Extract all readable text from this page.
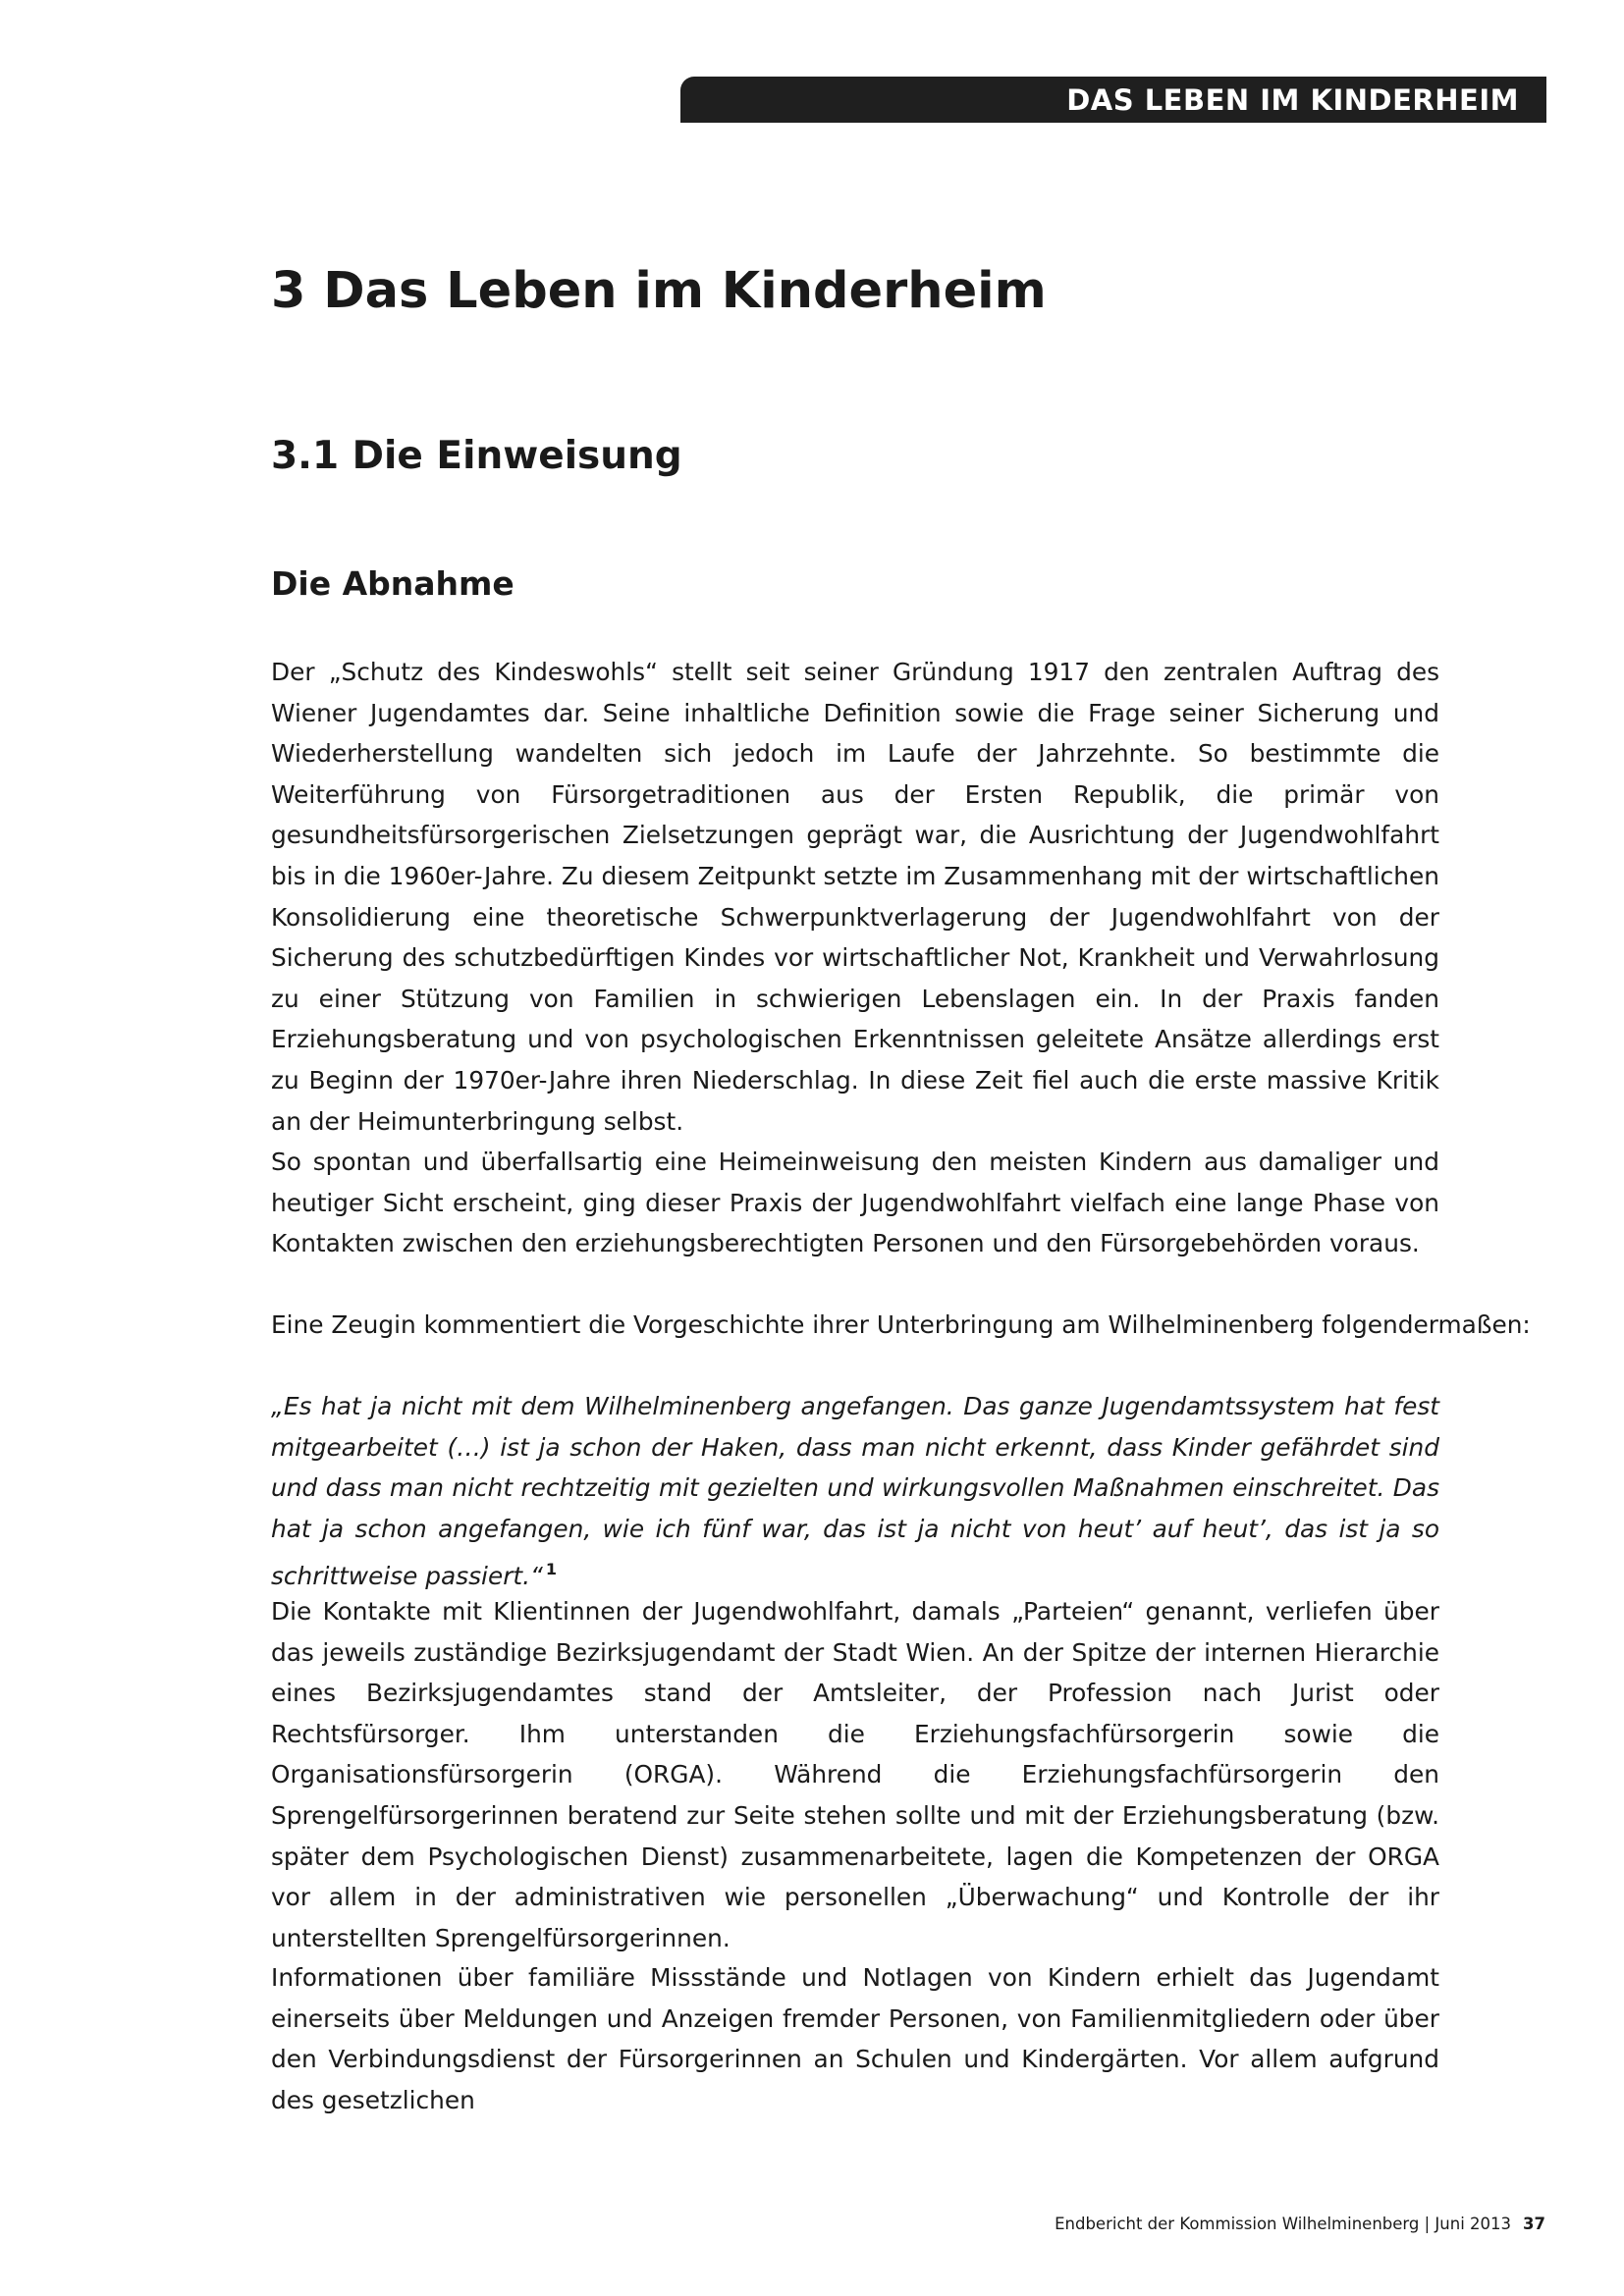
DAS LEBEN IM KINDERHEIM
3 Das Leben im Kinderheim
3.1 Die Einweisung
Die Abnahme

Der „Schutz des Kindeswohls“ stellt seit seiner Gründung 1917 den zentralen Auftrag des Wiener Jugendamtes dar. Seine inhaltliche Definition sowie die Frage seiner Sicherung und Wiederherstellung wandelten sich jedoch im Laufe der Jahrzehnte. So bestimmte die Weiterführung von Fürsorgetraditionen aus der Ersten Republik, die primär von gesundheitsfürsorgerischen Zielsetzungen geprägt war, die Ausrichtung der Jugendwohlfahrt bis in die 1960er-Jahre. Zu diesem Zeitpunkt setzte im Zusammenhang mit der wirtschaftlichen Konsolidierung eine theoretische Schwerpunktverlagerung der Jugendwohlfahrt von der Sicherung des schutzbedürftigen Kindes vor wirtschaftlicher Not, Krankheit und Verwahrlosung zu einer Stützung von Familien in schwierigen Lebenslagen ein. In der Praxis fanden Erziehungsberatung und von psychologischen Erkenntnissen geleitete Ansätze allerdings erst zu Beginn der 1970er-Jahre ihren Niederschlag. In diese Zeit fiel auch die erste massive Kritik an der Heimunterbringung selbst.

So spontan und überfallsartig eine Heimeinweisung den meisten Kindern aus damaliger und heutiger Sicht erscheint, ging dieser Praxis der Jugendwohlfahrt vielfach eine lange Phase von Kontakten zwischen den erziehungsberechtigten Personen und den Fürsorgebehörden voraus.

Eine Zeugin kommentiert die Vorgeschichte ihrer Unterbringung am Wilhelminenberg folgendermaßen:

„Es hat ja nicht mit dem Wilhelminenberg angefangen. Das ganze Jugendamtssystem hat fest mitgearbeitet (…) ist ja schon der Haken, dass man nicht erkennt, dass Kinder gefährdet sind und dass man nicht rechtzeitig mit gezielten und wirkungsvollen Maßnahmen einschreitet. Das hat ja schon angefangen, wie ich fünf war, das ist ja nicht von heut’ auf heut’, das ist ja so schrittweise passiert.“ $^1$

Die Kontakte mit Klientinnen der Jugendwohlfahrt, damals „Parteien“ genannt, verliefen über das jeweils zuständige Bezirksjugendamt der Stadt Wien. An der Spitze der internen Hierarchie eines Bezirksjugendamtes stand der Amtsleiter, der Profession nach Jurist oder Rechtsfürsorger. Ihm unterstanden die Erziehungsfachfürsorgerin sowie die Organisationsfürsorgerin (ORGA). Während die Erziehungsfachfürsorgerin den Sprengelfürsorgerinnen beratend zur Seite stehen sollte und mit der Erziehungsberatung (bzw. später dem Psychologischen Dienst) zusammenarbeitete, lagen die Kompetenzen der ORGA vor allem in der administrativen wie personellen „Überwachung“ und Kontrolle der ihr unterstellten Sprengelfürsorgerinnen.

Informationen über familiäre Missstände und Notlagen von Kindern erhielt das Jugendamt einerseits über Meldungen und Anzeigen fremder Personen, von Familienmitgliedern oder über den Verbindungsdienst der Fürsorgerinnen an Schulen und Kindergärten. Vor allem aufgrund des gesetzlichen

Endbericht der Kommission Wilhelminenberg | Juni 2013 37
